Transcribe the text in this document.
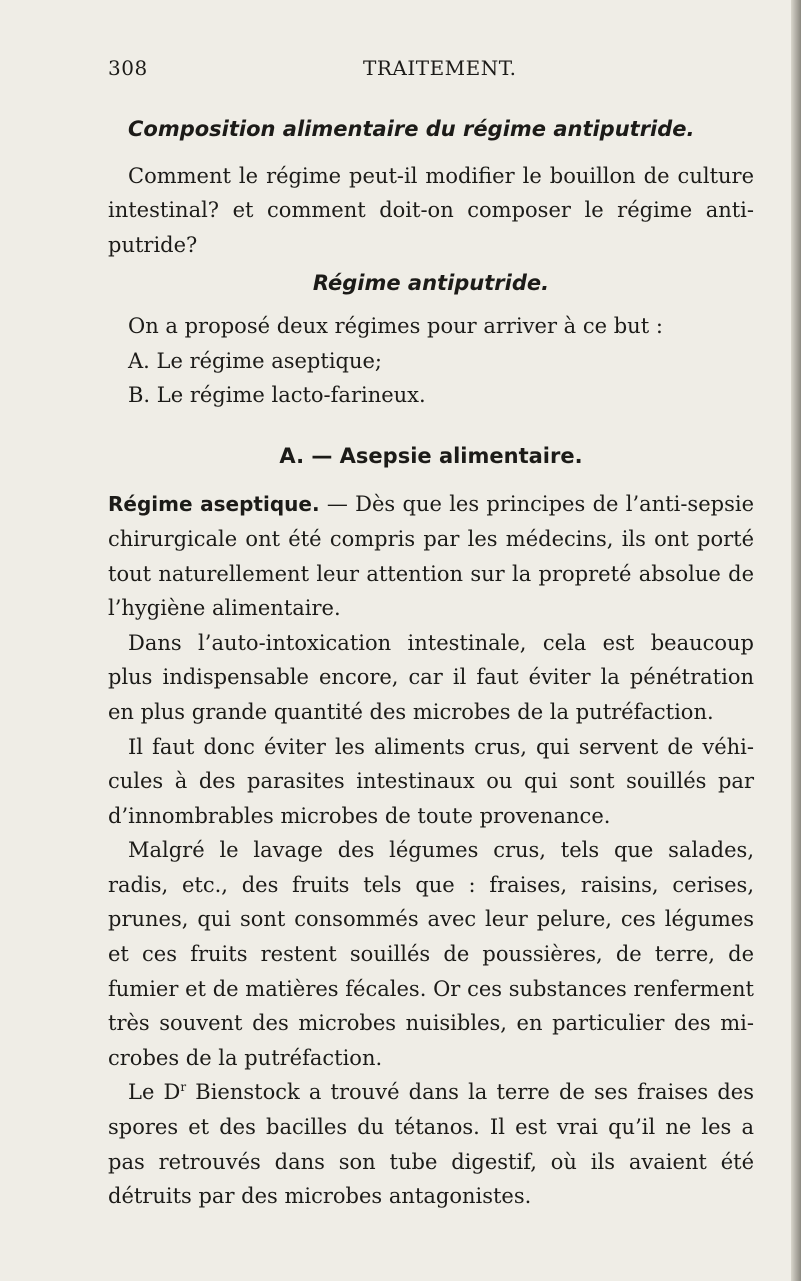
308	TRAITEMENT.
Composition alimentaire du régime antiputride.

Comment le régime peut-il modifier le bouillon de culture intestinal? et comment doit-on composer le régime anti-putride?

Régime antiputride.

On a proposé deux régimes pour arriver à ce but :

A. Le régime aseptique;

B. Le régime lacto-farineux.

A. — Asepsie alimentaire.

Régime aseptique. — Dès que les principes de l’anti-sepsie chirurgicale ont été compris par les médecins, ils ont porté tout naturellement leur attention sur la propreté absolue de l’hygiène alimentaire.

Dans l’auto-intoxication intestinale, cela est beaucoup plus indispensable encore, car il faut éviter la pénétration en plus grande quantité des microbes de la putréfaction.

Il faut donc éviter les aliments crus, qui servent de véhi-cules à des parasites intestinaux ou qui sont souillés par d’innombrables microbes de toute provenance.

Malgré le lavage des légumes crus, tels que salades, radis, etc., des fruits tels que : fraises, raisins, cerises, prunes, qui sont consommés avec leur pelure, ces légumes et ces fruits restent souillés de poussières, de terre, de fumier et de matières fécales. Or ces substances renferment très souvent des microbes nuisibles, en particulier des mi-crobes de la putréfaction.

Le $D^r$ Bienstock a trouvé dans la terre de ses fraises des spores et des bacilles du tétanos. Il est vrai qu’il ne les a pas retrouvés dans son tube digestif, où ils avaient été détruits par des microbes antagonistes.
